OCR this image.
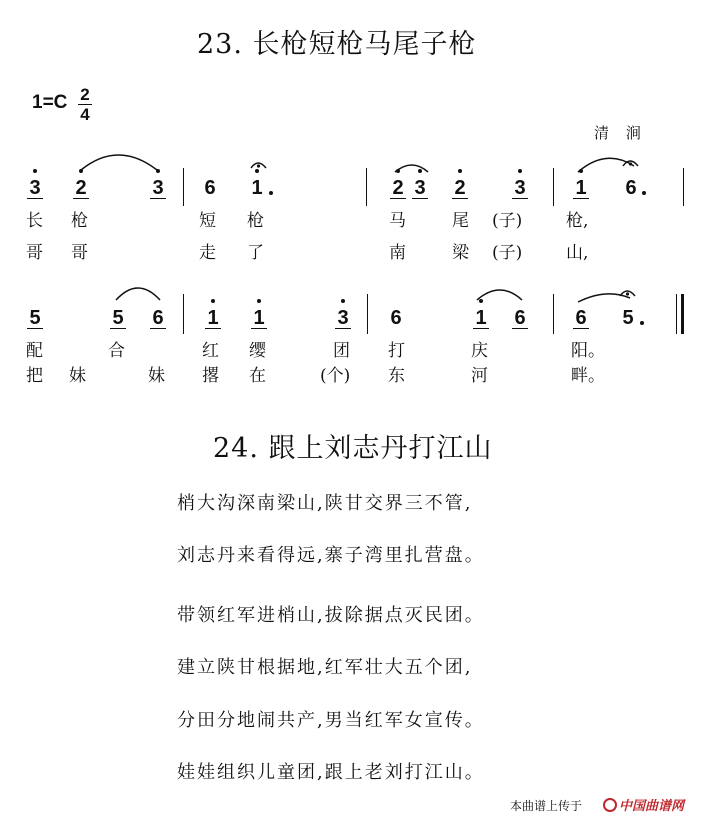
23. 长枪短枪马尾子枪
1=C 2
4
清 涧
3 2	3 6 1	2 3 2 3 1 6
长 枪	短 枪	马	尾 (子)	枪,
哥 哥	走 了	南	梁 (子)	山,
5	5 6 1 1	3 6	1 6 6 5
配	合	红 缨	团 打	庆	阳。
把 妹	妹 撂 在	(个) 东	河	畔。
24. 跟上刘志丹打江山
梢大沟深南梁山,陕甘交界三不管,
刘志丹来看得远,寨子湾里扎营盘。
带领红军进梢山,拔除据点灭民团。
建立陕甘根据地,红军壮大五个团,
分田分地闹共产,男当红军女宣传。
娃娃组织儿童团,跟上老刘打江山。
本曲谱上传于	中国曲谱网
